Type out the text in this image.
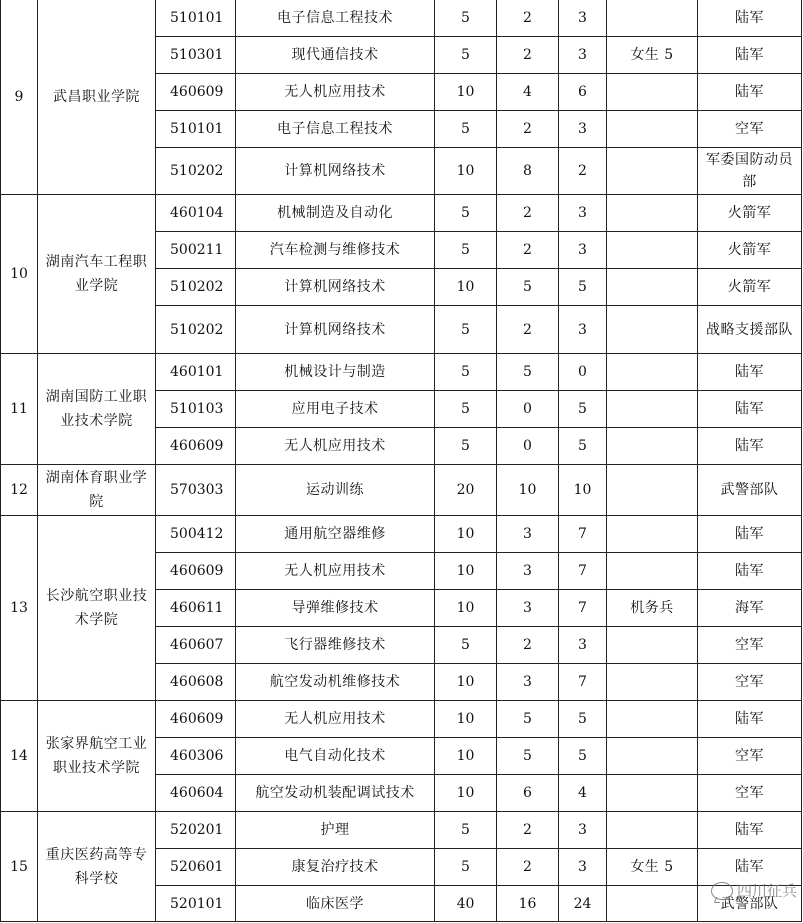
9	武昌职业学院	510101	电子信息工程技术	5	2	3		陆军
		510301	现代通信技术	5	2	3	女生 5	陆军
		460609	无人机应用技术	10	4	6		陆军
		510101	电子信息工程技术	5	2	3		空军
		510202	计算机网络技术	10	8	2		军委国防动员部
10	湖南汽车工程职业学院	460104	机械制造及自动化	5	2	3		火箭军
		500211	汽车检测与维修技术	5	2	3		火箭军
		510202	计算机网络技术	10	5	5		火箭军
		510202	计算机网络技术	5	2	3		战略支援部队
11	湖南国防工业职业技术学院	460101	机械设计与制造	5	5	0		陆军
		510103	应用电子技术	5	0	5		陆军
		460609	无人机应用技术	5	0	5		陆军
12	湖南体育职业学院	570303	运动训练	20	10	10		武警部队
13	长沙航空职业技术学院	500412	通用航空器维修	10	3	7		陆军
		460609	无人机应用技术	10	3	7		陆军
		460611	导弹维修技术	10	3	7	机务兵	海军
		460607	飞行器维修技术	5	2	3		空军
		460608	航空发动机维修技术	10	3	7		空军
14	张家界航空工业职业技术学院	460609	无人机应用技术	10	5	5		陆军
		460306	电气自动化技术	10	5	5		空军
		460604	航空发动机装配调试技术	10	6	4		空军
15	重庆医药高等专科学校	520201	护理	5	2	3		陆军
		520601	康复治疗技术	5	2	3	女生 5	陆军
		520101	临床医学	40	16	24		武警部队
四川征兵
